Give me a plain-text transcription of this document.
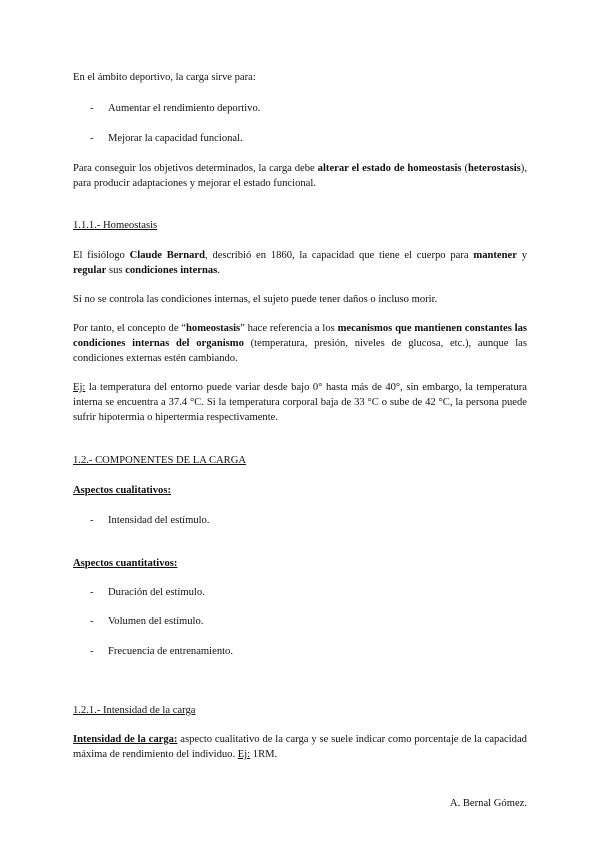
En el ámbito deportivo, la carga sirve para:

- Aumentar el rendimiento deportivo.
- Mejorar la capacidad funcional.

Para conseguir los objetivos determinados, la carga debe alterar el estado de homeostasis (heterostasis), para producir adaptaciones y mejorar el estado funcional.

1.1.1.- Homeostasis

El fisiólogo Claude Bernard, describió en 1860, la capacidad que tiene el cuerpo para mantener y regular sus condiciones internas.

Si no se controla las condiciones internas, el sujeto puede tener daños o incluso morir.

Por tanto, el concepto de “homeostasis” hace referencia a los mecanismos que mantienen constantes las condiciones internas del organismo (temperatura, presión, niveles de glucosa, etc.), aunque las condiciones externas estén cambiando.

Ej: la temperatura del entorno puede variar desde bajo 0° hasta más de 40°, sin embargo, la temperatura interna se encuentra a 37.4 °C. Si la temperatura corporal baja de 33 °C o sube de 42 °C, la persona puede sufrir hipotermia o hipertermia respectivamente.

1.2.- COMPONENTES DE LA CARGA

Aspectos cualitativos:

- Intensidad del estímulo.

Aspectos cuantitativos:

- Duración del estímulo.
- Volumen del estímulo.
- Frecuencia de entrenamiento.

1.2.1.- Intensidad de la carga

Intensidad de la carga: aspecto cualitativo de la carga y se suele indicar como porcentaje de la capacidad máxima de rendimiento del individuo. Ej: 1RM.

A. Bernal Gómez.
